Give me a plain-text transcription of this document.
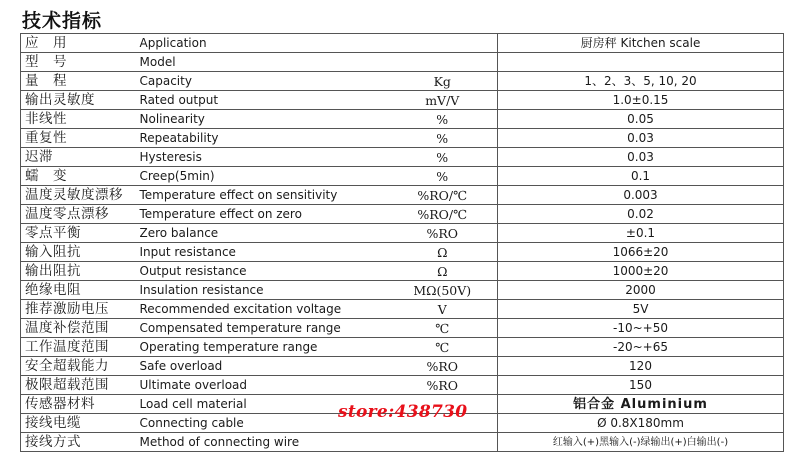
技术指标
应　用	Application		厨房秤 Kitchen scale
型　号	Model		
量　程	Capacity	Kg	1、2、3、5, 10, 20
输出灵敏度	Rated output	mV/V	1.0±0.15
非线性	Nolinearity	%	0.05
重复性	Repeatability	%	0.03
迟滞	Hysteresis	%	0.03
蠕　变	Creep(5min)	%	0.1
温度灵敏度漂移	Temperature effect on sensitivity	%RO/℃	0.003
温度零点漂移	Temperature effect on zero	%RO/℃	0.02
零点平衡	Zero balance	%RO	±0.1
输入阻抗	Input resistance	Ω	1066±20
输出阻抗	Output resistance	Ω	1000±20
绝缘电阻	Insulation resistance	MΩ(50V)	2000
推荐激励电压	Recommended excitation voltage	V	5V
温度补偿范围	Compensated temperature range	℃	-10~+50
工作温度范围	Operating temperature range	℃	-20~+65
安全超载能力	Safe overload	%RO	120
极限超载范围	Ultimate overload	%RO	150
传感器材料	Load cell material		铝合金 Aluminium
接线电缆	Connecting cable		Ø 0.8X180mm
接线方式	Method of connecting wire		红输入(+)黑输入(-)绿输出(+)白输出(-)
store:438730
